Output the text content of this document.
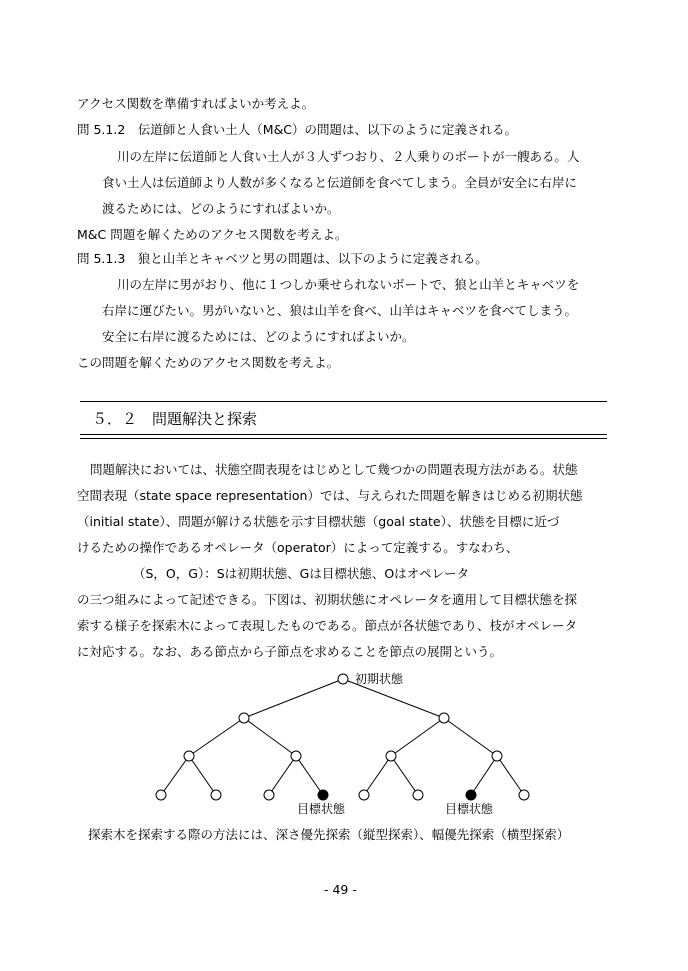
アクセス関数を準備すればよいか考えよ。
問 5.1.2　伝道師と人食い土人（M&C）の問題は、以下のように定義される。
川の左岸に伝道師と人食い土人が３人ずつおり、２人乗りのボートが一艘ある。人
食い土人は伝道師より人数が多くなると伝道師を食べてしまう。全員が安全に右岸に
渡るためには、どのようにすればよいか。
M&C 問題を解くためのアクセス関数を考えよ。
問 5.1.3　狼と山羊とキャベツと男の問題は、以下のように定義される。
川の左岸に男がおり、他に１つしか乗せられないボートで、狼と山羊とキャベツを
右岸に運びたい。男がいないと、狼は山羊を食べ、山羊はキャベツを食べてしまう。
安全に右岸に渡るためには、どのようにすればよいか。
この問題を解くためのアクセス関数を考えよ。
５．２　問題解決と探索
問題解決においては、状態空間表現をはじめとして幾つかの問題表現方法がある。状態
空間表現（state space representation）では、与えられた問題を解きはじめる初期状態
（initial state）、問題が解ける状態を示す目標状態（goal state）、状態を目標に近づ
けるための操作であるオペレータ（operator）によって定義する。すなわち、
（S，O，G）：Sは初期状態、Gは目標状態、Oはオペレータ
の三つ組みによって記述できる。下図は、初期状態にオペレータを適用して目標状態を探
索する様子を探索木によって表現したものである。節点が各状態であり、枝がオペレータ
に対応する。なお、ある節点から子節点を求めることを節点の展開という。
初期状態
目標状態	目標状態
探索木を探索する際の方法には、深さ優先探索（縦型探索）、幅優先探索（横型探索）
- 49 -
